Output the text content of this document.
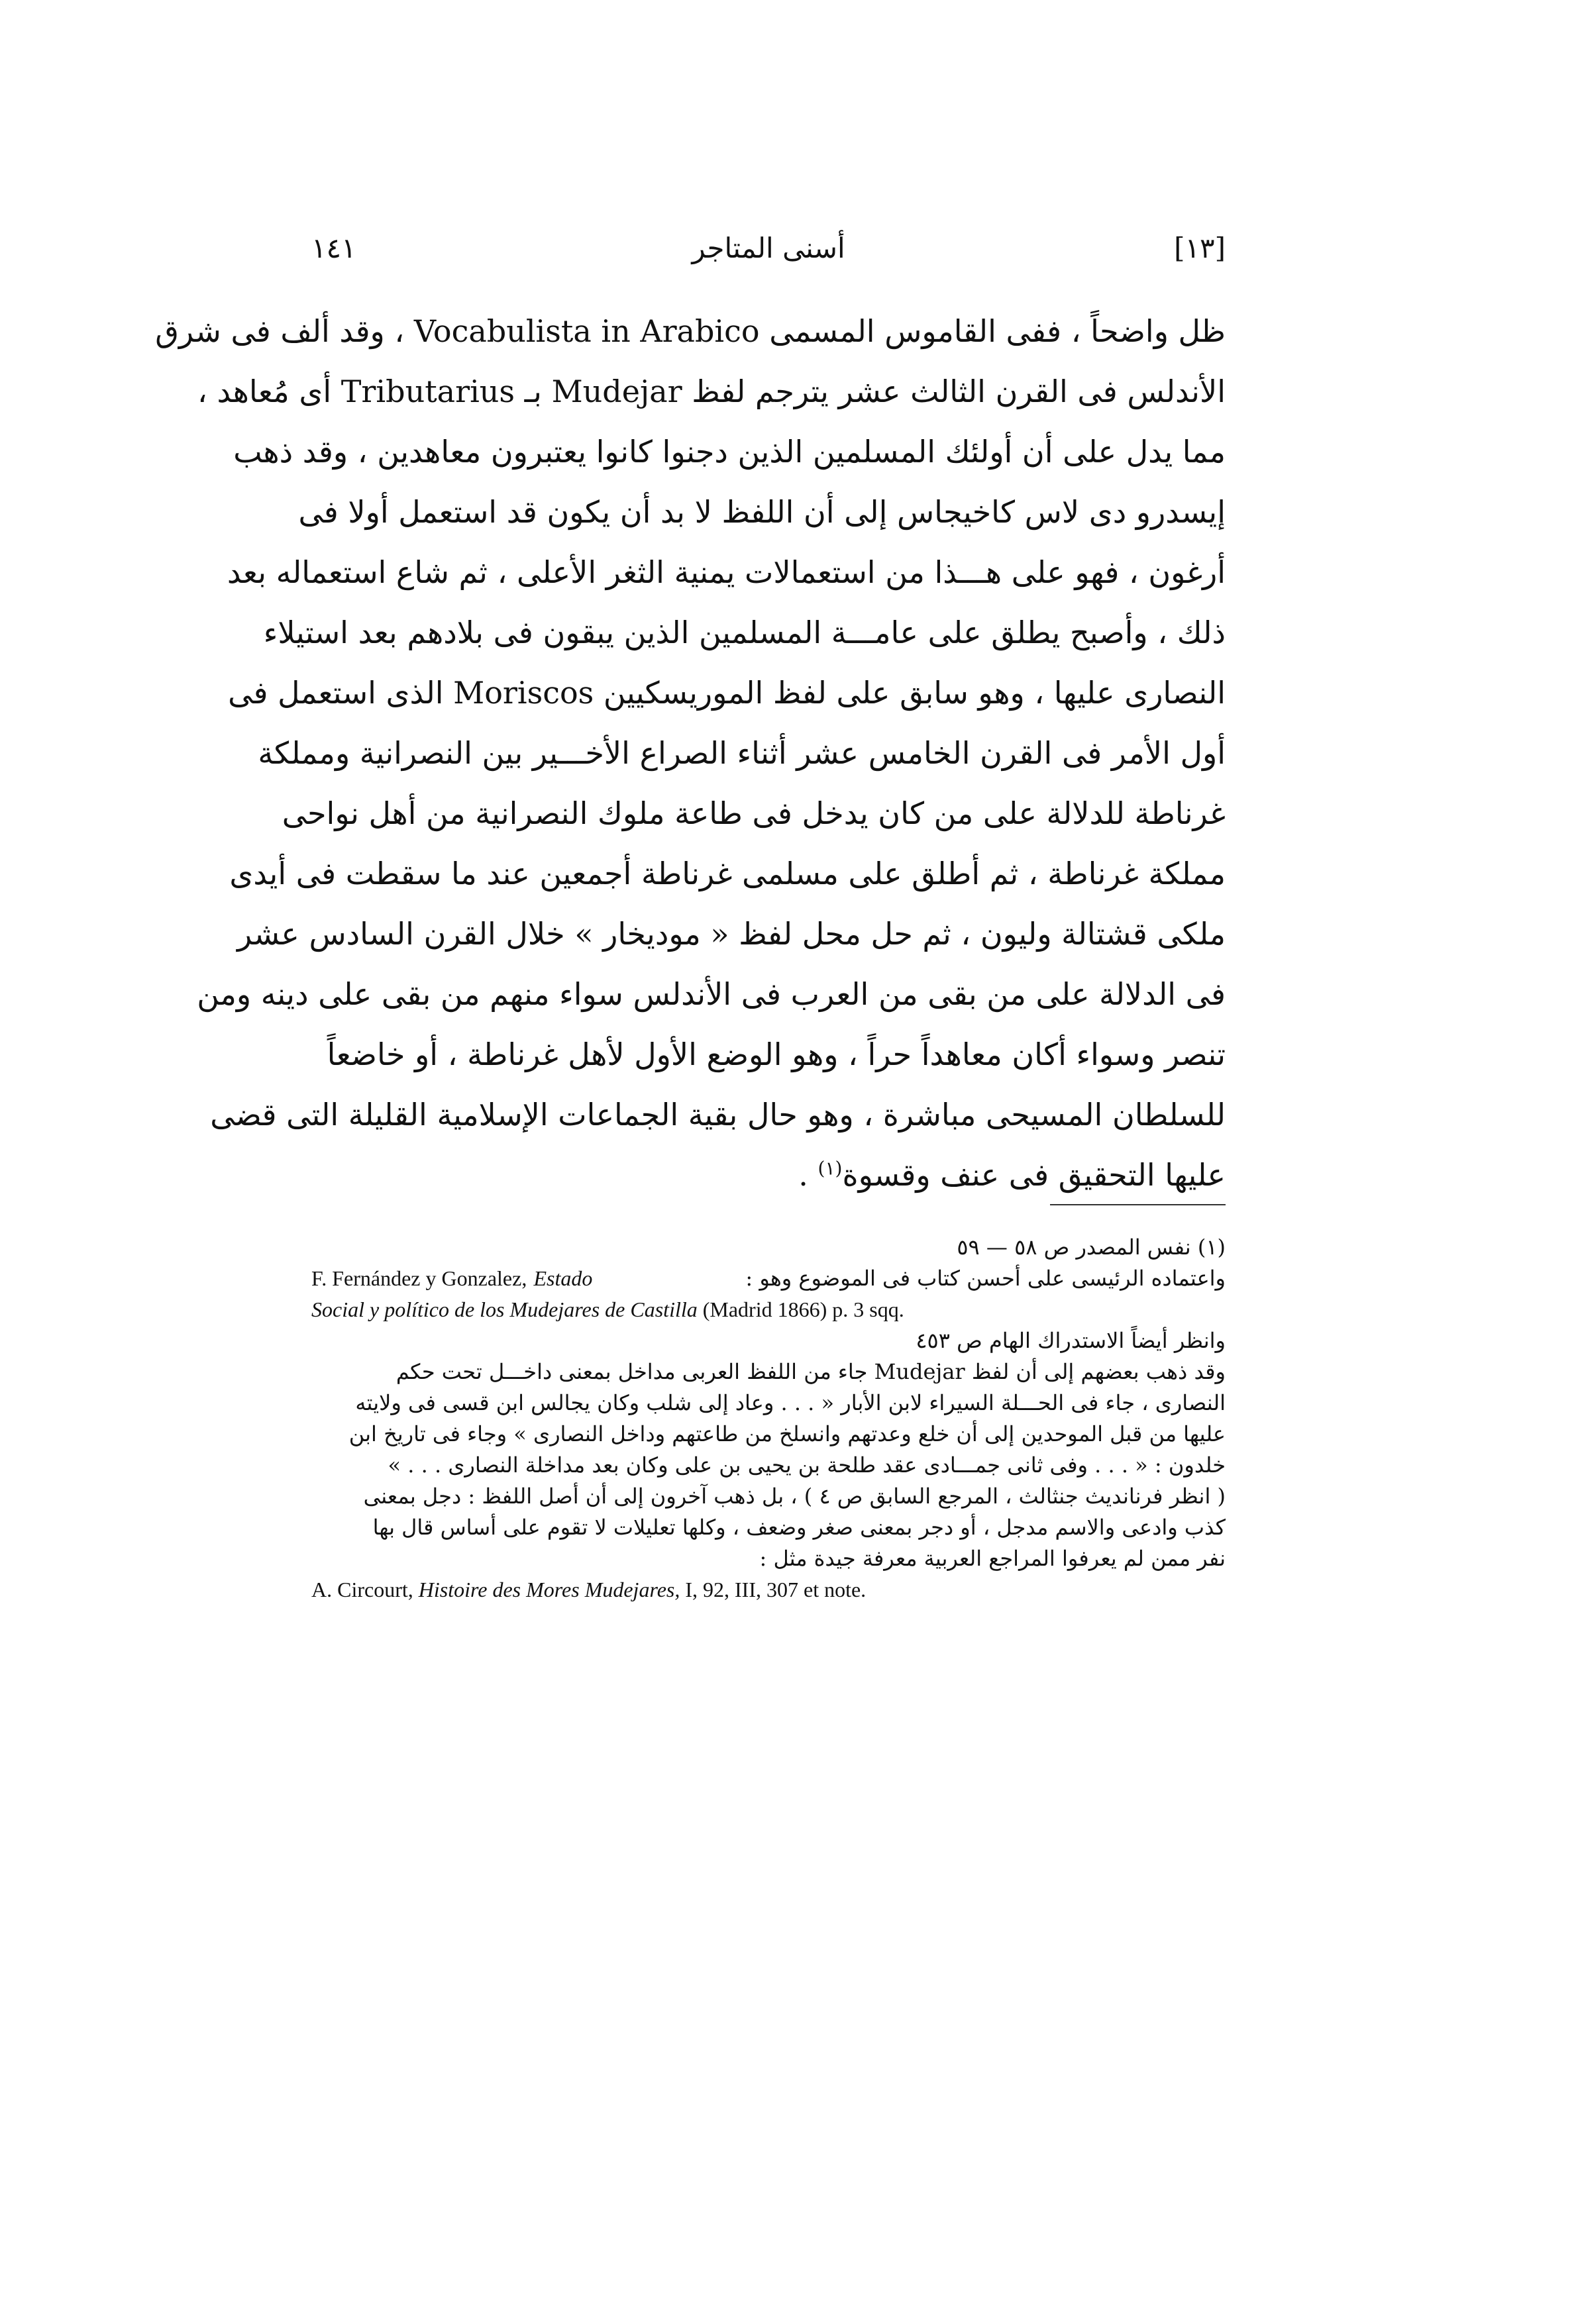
١٤١	أسنى المتاجر	[١٣]
ظل واضحاً ، ففى القاموس المسمى Vocabulista in Arabico ، وقد ألف فى شرق
الأندلس فى القرن الثالث عشر يترجم لفظ Mudejar بـ Tributarius أى مُعاهد ،
مما يدل على أن أولئك المسلمين الذين دجنوا كانوا يعتبرون معاهدين ، وقد ذهب
إيسدرو دى لاس كاخيجاس إلى أن اللفظ لا بد أن يكون قد استعمل أولا فى
أرغون ، فهو على هـــذا من استعمالات يمنية الثغر الأعلى ، ثم شاع استعماله بعد
ذلك ، وأصبح يطلق على عامـــة المسلمين الذين يبقون فى بلادهم بعد استيلاء
النصارى عليها ، وهو سابق على لفظ الموريسكيين Moriscos الذى استعمل فى
أول الأمر فى القرن الخامس عشر أثناء الصراع الأخـــير بين النصرانية ومملكة
غرناطة للدلالة على من كان يدخل فى طاعة ملوك النصرانية من أهل نواحى
مملكة غرناطة ، ثم أطلق على مسلمى غرناطة أجمعين عند ما سقطت فى أيدى
ملكى قشتالة وليون ، ثم حل محل لفظ « موديخار » خلال القرن السادس عشر
فى الدلالة على من بقى من العرب فى الأندلس سواء منهم من بقى على دينه ومن
تنصر وسواء أكان معاهداً حراً ، وهو الوضع الأول لأهل غرناطة ، أو خاضعاً
للسلطان المسيحى مباشرة ، وهو حال بقية الجماعات الإسلامية القليلة التى قضى
عليها التحقيق فى عنف وقسوة$^{(١)}$ .
(١) نفس المصدر ص ٥٨ — ٥٩
واعتماده الرئيسى على أحسن كتاب فى الموضوع وهو :
F. Fernández y Gonzalez, Estado
Social y político de los Mudejares de Castilla (Madrid 1866) p. 3 sqq.
وانظر أيضاً الاستدراك الهام ص ٤٥٣
وقد ذهب بعضهم إلى أن لفظ Mudejar جاء من اللفظ العربى مداخل بمعنى داخـــل تحت حكم
النصارى ، جاء فى الحـــلة السيراء لابن الأبار « . . . وعاد إلى شلب وكان يجالس ابن قسى فى ولايته
عليها من قبل الموحدين إلى أن خلع وعدتهم وانسلخ من طاعتهم وداخل النصارى » وجاء فى تاريخ ابن
خلدون : « . . . وفى ثانى جمـــادى عقد طلحة بن يحيى بن على وكان بعد مداخلة النصارى . . . »
( انظر فرنانديث جنثالث ، المرجع السابق ص ٤ ) ، بل ذهب آخرون إلى أن أصل اللفظ : دجل بمعنى
كذب وادعى والاسم مدجل ، أو دجر بمعنى صغر وضعف ، وكلها تعليلات لا تقوم على أساس قال بها
نفر ممن لم يعرفوا المراجع العربية معرفة جيدة مثل :
A. Circourt, Histoire des Mores Mudejares, I, 92, III, 307 et note.
